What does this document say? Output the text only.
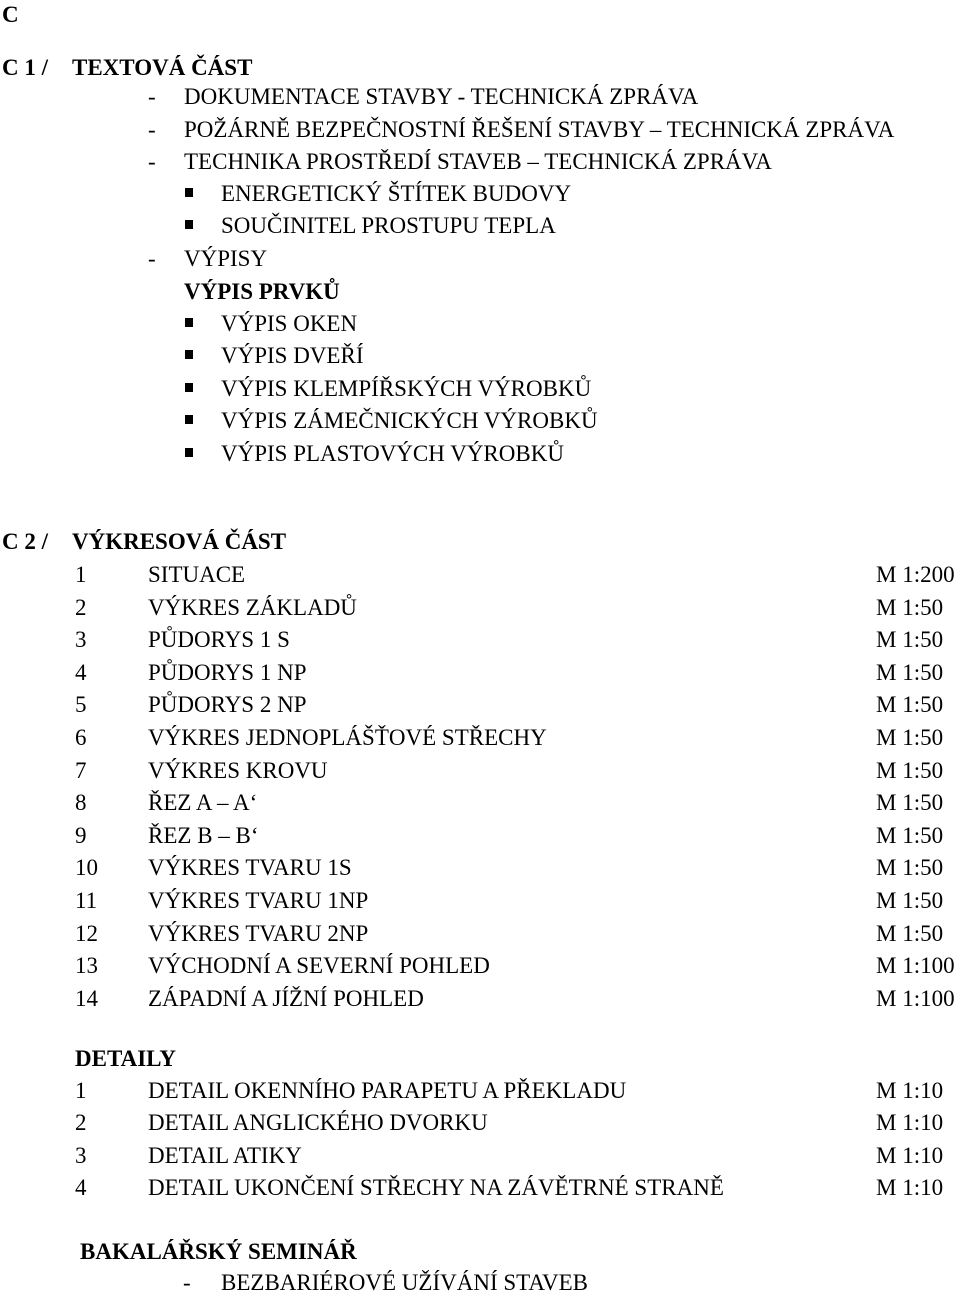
C
C 1 / TEXTOVÁ ČÁST
- DOKUMENTACE STAVBY - TECHNICKÁ ZPRÁVA
- POŽÁRNĚ BEZPEČNOSTNÍ ŘEŠENÍ STAVBY – TECHNICKÁ ZPRÁVA
- TECHNIKA PROSTŘEDÍ STAVEB – TECHNICKÁ ZPRÁVA
ENERGETICKÝ ŠTÍTEK BUDOVY
SOUČINITEL PROSTUPU TEPLA
- VÝPISY
VÝPIS PRVKŮ
VÝPIS OKEN
VÝPIS DVEŘÍ
VÝPIS KLEMPÍŘSKÝCH VÝROBKŮ
VÝPIS ZÁMEČNICKÝCH VÝROBKŮ
VÝPIS PLASTOVÝCH VÝROBKŮ
C 2 / VÝKRESOVÁ ČÁST
1	SITUACE	M 1:200
2	VÝKRES ZÁKLADŮ	M 1:50
3	PŮDORYS 1 S	M 1:50
4	PŮDORYS 1 NP	M 1:50
5	PŮDORYS 2 NP	M 1:50
6	VÝKRES JEDNOPLÁŠŤOVÉ STŘECHY	M 1:50
7	VÝKRES KROVU	M 1:50
8	ŘEZ A – A‘	M 1:50
9	ŘEZ B – B‘	M 1:50
10 VÝKRES TVARU 1S	M 1:50
11 VÝKRES TVARU 1NP	M 1:50
12 VÝKRES TVARU 2NP	M 1:50
13 VÝCHODNÍ A SEVERNÍ POHLED	M 1:100
14 ZÁPADNÍ A JÍŽNÍ POHLED	M 1:100
DETAILY
1	DETAIL OKENNÍHO PARAPETU A PŘEKLADU	M 1:10
2	DETAIL ANGLICKÉHO DVORKU	M 1:10
3	DETAIL ATIKY	M 1:10
4	DETAIL UKONČENÍ STŘECHY NA ZÁVĚTRNÉ STRANĚ	M 1:10
BAKALÁŘSKÝ SEMINÁŘ
- BEZBARIÉROVÉ UŽÍVÁNÍ STAVEB
